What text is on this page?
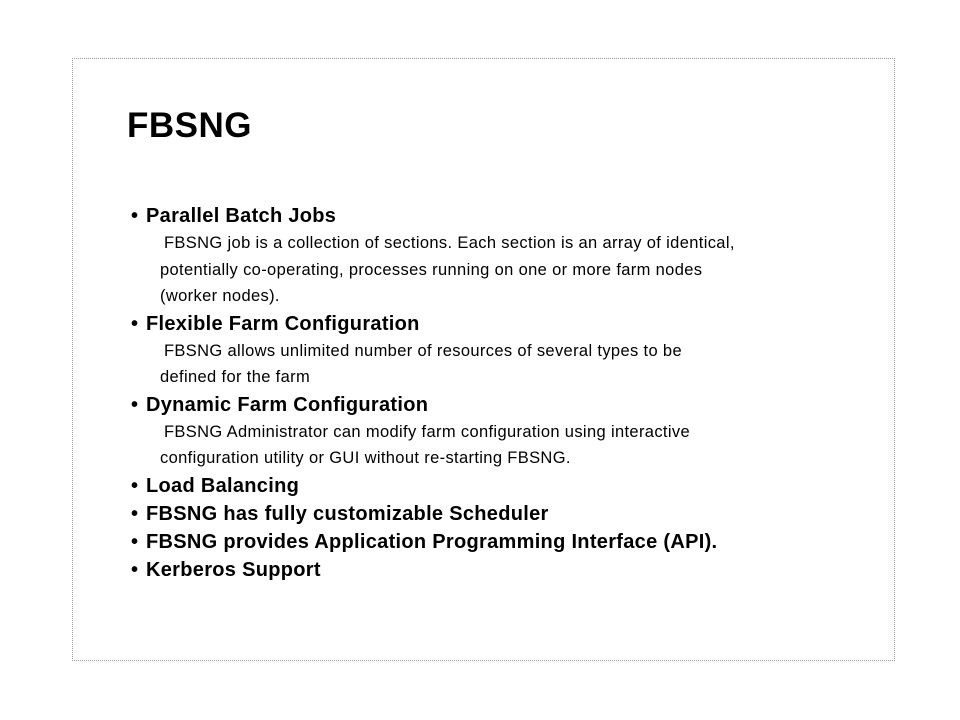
FBSNG
• Parallel Batch Jobs
FBSNG job is a collection of sections. Each section is an array of identical,
potentially co-operating, processes running on one or more farm nodes
(worker nodes).
• Flexible Farm Configuration
FBSNG allows unlimited number of resources of several types to be
defined for the farm
• Dynamic Farm Configuration
FBSNG Administrator can modify farm configuration using interactive
configuration utility or GUI without re-starting FBSNG.
• Load Balancing
• FBSNG has fully customizable Scheduler
• FBSNG provides Application Programming Interface (API).
• Kerberos Support
